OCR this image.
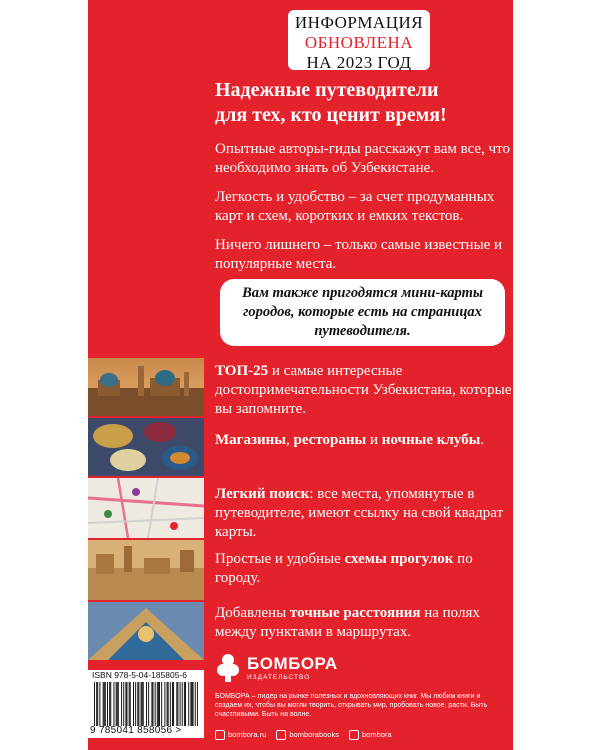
ИНФОРМАЦИЯ
ОБНОВЛЕНА
НА 2023 ГОД
Надежные путеводители
для тех, кто ценит время!
Опытные авторы-гиды расскажут вам все, что необходимо знать об Узбекистане.
Легкость и удобство – за счет продуманных карт и схем, коротких и емких текстов.
Ничего лишнего – только самые известные и популярные места.
Вам также пригодятся мини-карты городов, которые есть на страницах путеводителя.
ТОП-25 и самые интересные достопримечательности Узбекистана, которые вы запомните.
Магазины, рестораны и ночные клубы.
Легкий поиск: все места, упомянутые в путеводителе, имеют ссылку на свой квадрат карты.
Простые и удобные схемы прогулок по городу.
Добавлены точные расстояния на полях между пунктами в маршрутах.
ISBN 978-5-04-185805-6
9 785041 858056 >
БОМБОРА
ИЗДАТЕЛЬСТВО
БОМБОРА – лидер на рынке полезных и вдохновляющих книг. Мы любим книги и создаем их, чтобы вы могли творить, открывать мир, пробовать новое, расти. Быть счастливыми. Быть на волне.
bombora.ru	bomborabooks	bombora
